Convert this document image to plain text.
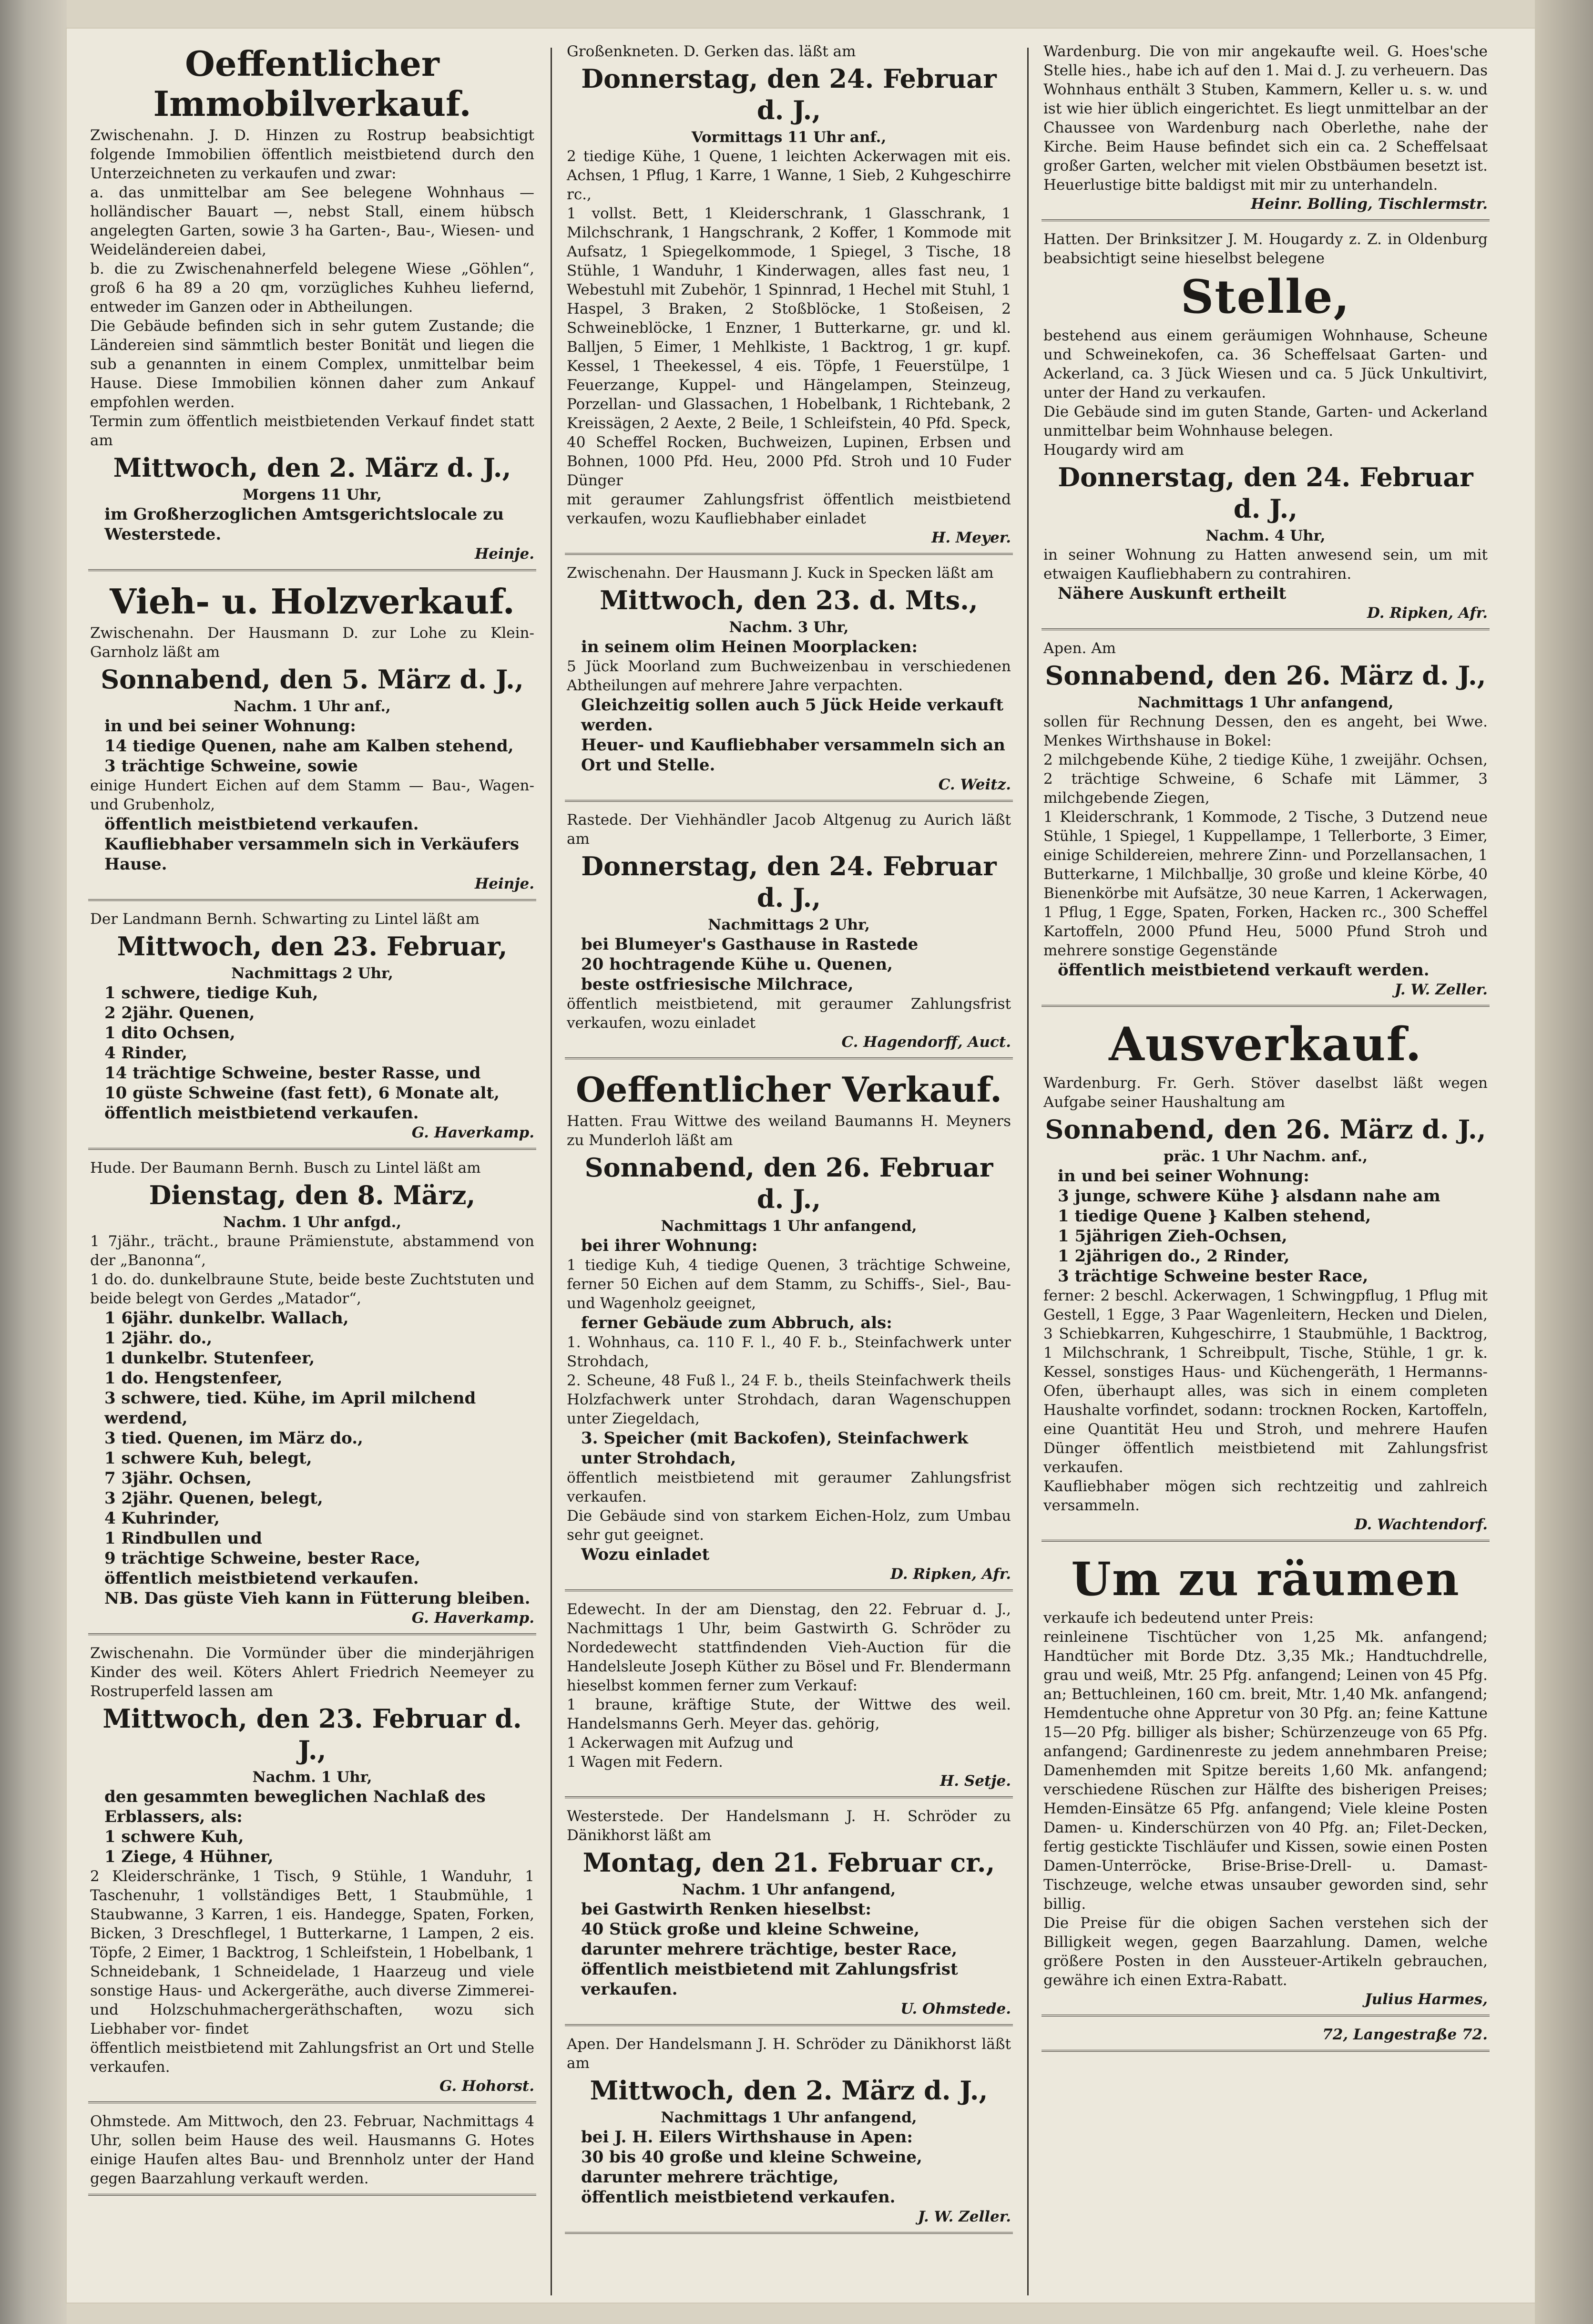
Oeffentlicher Immobilverkauf.

Zwischenahn. J. D. Hinzen zu Rostrup beabsichtigt folgende Immobilien öffentlich meistbietend durch den Unterzeichneten zu verkaufen und zwar:

a. das unmittelbar am See belegene Wohnhaus — holländischer Bauart —, nebst Stall, einem hübsch angelegten Garten, sowie 3 ha Garten-, Bau-, Wiesen- und Weideländereien dabei,

b. die zu Zwischenahnerfeld belegene Wiese „Göhlen“, groß 6 ha 89 a 20 qm, vorzügliches Kuhheu liefernd, entweder im Ganzen oder in Abtheilungen.

Die Gebäude befinden sich in sehr gutem Zustande; die Ländereien sind sämmtlich bester Bonität und liegen die sub a genannten in einem Complex, unmittelbar beim Hause. Diese Immobilien können daher zum Ankauf empfohlen werden.

Termin zum öffentlich meistbietenden Verkauf findet statt am

Mittwoch, den 2. März d. J.,
Morgens 11 Uhr,

im Großherzoglichen Amtsgerichtslocale zu Westerstede.

Heinje.

Vieh- u. Holzverkauf.

Zwischenahn. Der Hausmann D. zur Lohe zu Klein-Garnholz läßt am

Sonnabend, den 5. März d. J.,
Nachm. 1 Uhr anf.,

in und bei seiner Wohnung:

14 tiedige Quenen, nahe am Kalben stehend,

3 trächtige Schweine, sowie

einige Hundert Eichen auf dem Stamm — Bau-, Wagen- und Grubenholz,

öffentlich meistbietend verkaufen.

Kaufliebhaber versammeln sich in Verkäufers Hause.

Heinje.

Der Landmann Bernh. Schwarting zu Lintel läßt am

Mittwoch, den 23. Februar,
Nachmittags 2 Uhr,

1 schwere, tiedige Kuh,

2 2jähr. Quenen,

1 dito Ochsen,

4 Rinder,

14 trächtige Schweine, bester Rasse, und

10 güste Schweine (fast fett), 6 Monate alt,

öffentlich meistbietend verkaufen.

G. Haverkamp.

Hude. Der Baumann Bernh. Busch zu Lintel läßt am

Dienstag, den 8. März,
Nachm. 1 Uhr anfgd.,

1 7jähr., trächt., braune Prämienstute, abstammend von der „Banonna“,

1 do. do. dunkelbraune Stute, beide beste Zuchtstuten und beide belegt von Gerdes „Matador“,

1 6jähr. dunkelbr. Wallach,

1 2jähr. do.,

1 dunkelbr. Stutenfeer,

1 do. Hengstenfeer,

3 schwere, tied. Kühe, im April milchend werdend,

3 tied. Quenen, im März do.,

1 schwere Kuh, belegt,

7 3jähr. Ochsen,

3 2jähr. Quenen, belegt,

4 Kuhrinder,

1 Rindbullen und

9 trächtige Schweine, bester Race,

öffentlich meistbietend verkaufen.

NB. Das güste Vieh kann in Fütterung bleiben.

G. Haverkamp.

Zwischenahn. Die Vormünder über die minderjährigen Kinder des weil. Köters Ahlert Friedrich Neemeyer zu Rostruperfeld lassen am

Mittwoch, den 23. Februar d. J.,
Nachm. 1 Uhr,

den gesammten beweglichen Nachlaß des Erblassers, als:

1 schwere Kuh,

1 Ziege, 4 Hühner,

2 Kleiderschränke, 1 Tisch, 9 Stühle, 1 Wanduhr, 1 Taschenuhr, 1 vollständiges Bett, 1 Staubmühle, 1 Staubwanne, 3 Karren, 1 eis. Handegge, Spaten, Forken, Bicken, 3 Dreschflegel, 1 Butterkarne, 1 Lampen, 2 eis. Töpfe, 2 Eimer, 1 Backtrog, 1 Schleifstein, 1 Hobelbank, 1 Schneidebank, 1 Schneidelade, 1 Haarzeug und viele sonstige Haus- und Ackergeräthe, auch diverse Zimmerei- und Holzschuhmachergeräthschaften, wozu sich Liebhaber vor- findet

öffentlich meistbietend mit Zahlungsfrist an Ort und Stelle verkaufen.

G. Hohorst.

Ohmstede. Am Mittwoch, den 23. Februar, Nachmittags 4 Uhr, sollen beim Hause des weil. Hausmanns G. Hotes einige Haufen altes Bau- und Brennholz unter der Hand gegen Baarzahlung verkauft werden.

Großenkneten. D. Gerken das. läßt am

Donnerstag, den 24. Februar d. J.,
Vormittags 11 Uhr anf.,

2 tiedige Kühe, 1 Quene, 1 leichten Ackerwagen mit eis. Achsen, 1 Pflug, 1 Karre, 1 Wanne, 1 Sieb, 2 Kuhgeschirre rc.,

1 vollst. Bett, 1 Kleiderschrank, 1 Glasschrank, 1 Milchschrank, 1 Hangschrank, 2 Koffer, 1 Kommode mit Aufsatz, 1 Spiegelkommode, 1 Spiegel, 3 Tische, 18 Stühle, 1 Wanduhr, 1 Kinderwagen, alles fast neu, 1 Webestuhl mit Zubehör, 1 Spinnrad, 1 Hechel mit Stuhl, 1 Haspel, 3 Braken, 2 Stoßblöcke, 1 Stoßeisen, 2 Schweineblöcke, 1 Enzner, 1 Butterkarne, gr. und kl. Balljen, 5 Eimer, 1 Mehlkiste, 1 Backtrog, 1 gr. kupf. Kessel, 1 Theekessel, 4 eis. Töpfe, 1 Feuerstülpe, 1 Feuerzange, Kuppel- und Hängelampen, Steinzeug, Porzellan- und Glassachen, 1 Hobelbank, 1 Richtebank, 2 Kreissägen, 2 Aexte, 2 Beile, 1 Schleifstein, 40 Pfd. Speck, 40 Scheffel Rocken, Buchweizen, Lupinen, Erbsen und Bohnen, 1000 Pfd. Heu, 2000 Pfd. Stroh und 10 Fuder Dünger

mit geraumer Zahlungsfrist öffentlich meistbietend verkaufen, wozu Kaufliebhaber einladet

H. Meyer.

Zwischenahn. Der Hausmann J. Kuck in Specken läßt am

Mittwoch, den 23. d. Mts.,
Nachm. 3 Uhr,

in seinem olim Heinen Moorplacken:

5 Jück Moorland zum Buchweizenbau in verschiedenen Abtheilungen auf mehrere Jahre verpachten.

Gleichzeitig sollen auch 5 Jück Heide verkauft werden.

Heuer- und Kaufliebhaber versammeln sich an Ort und Stelle.

C. Weitz.

Rastede. Der Viehhändler Jacob Altgenug zu Aurich läßt am

Donnerstag, den 24. Februar d. J.,
Nachmittags 2 Uhr,

bei Blumeyer's Gasthause in Rastede

20 hochtragende Kühe u. Quenen,

beste ostfriesische Milchrace,

öffentlich meistbietend, mit geraumer Zahlungsfrist verkaufen, wozu einladet

C. Hagendorff, Auct.

Oeffentlicher Verkauf.

Hatten. Frau Wittwe des weiland Baumanns H. Meyners zu Munderloh läßt am

Sonnabend, den 26. Februar d. J.,
Nachmittags 1 Uhr anfangend,

bei ihrer Wohnung:

1 tiedige Kuh, 4 tiedige Quenen, 3 trächtige Schweine, ferner 50 Eichen auf dem Stamm, zu Schiffs-, Siel-, Bau- und Wagenholz geeignet,

ferner Gebäude zum Abbruch, als:

1. Wohnhaus, ca. 110 F. l., 40 F. b., Steinfachwerk unter Strohdach,

2. Scheune, 48 Fuß l., 24 F. b., theils Steinfachwerk theils Holzfachwerk unter Strohdach, daran Wagenschuppen unter Ziegeldach,

3. Speicher (mit Backofen), Steinfachwerk unter Strohdach,

öffentlich meistbietend mit geraumer Zahlungsfrist verkaufen.

Die Gebäude sind von starkem Eichen-Holz, zum Umbau sehr gut geeignet.

Wozu einladet

D. Ripken, Afr.

Edewecht. In der am Dienstag, den 22. Februar d. J., Nachmittags 1 Uhr, beim Gastwirth G. Schröder zu Nordedewecht stattfindenden Vieh-Auction für die Handelsleute Joseph Küther zu Bösel und Fr. Blendermann hieselbst kommen ferner zum Verkauf:

1 braune, kräftige Stute, der Wittwe des weil. Handelsmanns Gerh. Meyer das. gehörig,

1 Ackerwagen mit Aufzug und

1 Wagen mit Federn.

H. Setje.

Westerstede. Der Handelsmann J. H. Schröder zu Dänikhorst läßt am

Montag, den 21. Februar cr.,
Nachm. 1 Uhr anfangend,

bei Gastwirth Renken hieselbst:

40 Stück große und kleine Schweine,

darunter mehrere trächtige, bester Race,

öffentlich meistbietend mit Zahlungsfrist verkaufen.

U. Ohmstede.

Apen. Der Handelsmann J. H. Schröder zu Dänikhorst läßt am

Mittwoch, den 2. März d. J.,
Nachmittags 1 Uhr anfangend,

bei J. H. Eilers Wirthshause in Apen:

30 bis 40 große und kleine Schweine,

darunter mehrere trächtige,

öffentlich meistbietend verkaufen.

J. W. Zeller.

Wardenburg. Die von mir angekaufte weil. G. Hoes'sche Stelle hies., habe ich auf den 1. Mai d. J. zu verheuern. Das Wohnhaus enthält 3 Stuben, Kammern, Keller u. s. w. und ist wie hier üblich eingerichtet. Es liegt unmittelbar an der Chaussee von Wardenburg nach Oberlethe, nahe der Kirche. Beim Hause befindet sich ein ca. 2 Scheffelsaat großer Garten, welcher mit vielen Obstbäumen besetzt ist. Heuerlustige bitte baldigst mit mir zu unterhandeln.

Heinr. Bolling, Tischlermstr.

Hatten. Der Brinksitzer J. M. Hougardy z. Z. in Oldenburg beabsichtigt seine hieselbst belegene

Stelle,

bestehend aus einem geräumigen Wohnhause, Scheune und Schweinekofen, ca. 36 Scheffelsaat Garten- und Ackerland, ca. 3 Jück Wiesen und ca. 5 Jück Unkultivirt, unter der Hand zu verkaufen.

Die Gebäude sind im guten Stande, Garten- und Ackerland unmittelbar beim Wohnhause belegen.

Hougardy wird am

Donnerstag, den 24. Februar d. J.,
Nachm. 4 Uhr,

in seiner Wohnung zu Hatten anwesend sein, um mit etwaigen Kaufliebhabern zu contrahiren.

Nähere Auskunft ertheilt

D. Ripken, Afr.

Apen. Am

Sonnabend, den 26. März d. J.,
Nachmittags 1 Uhr anfangend,

sollen für Rechnung Dessen, den es angeht, bei Wwe. Menkes Wirthshause in Bokel:

2 milchgebende Kühe, 2 tiedige Kühe, 1 zweijähr. Ochsen, 2 trächtige Schweine, 6 Schafe mit Lämmer, 3 milchgebende Ziegen,

1 Kleiderschrank, 1 Kommode, 2 Tische, 3 Dutzend neue Stühle, 1 Spiegel, 1 Kuppellampe, 1 Tellerborte, 3 Eimer, einige Schildereien, mehrere Zinn- und Porzellansachen, 1 Butterkarne, 1 Milchballje, 30 große und kleine Körbe, 40 Bienenkörbe mit Aufsätze, 30 neue Karren, 1 Ackerwagen, 1 Pflug, 1 Egge, Spaten, Forken, Hacken rc., 300 Scheffel Kartoffeln, 2000 Pfund Heu, 5000 Pfund Stroh und mehrere sonstige Gegenstände

öffentlich meistbietend verkauft werden.

J. W. Zeller.

Ausverkauf.

Wardenburg. Fr. Gerh. Stöver daselbst läßt wegen Aufgabe seiner Haushaltung am

Sonnabend, den 26. März d. J.,
präc. 1 Uhr Nachm. anf.,

in und bei seiner Wohnung:

3 junge, schwere Kühe } alsdann nahe am

1 tiedige Quene } Kalben stehend,

1 5jährigen Zieh-Ochsen,

1 2jährigen do., 2 Rinder,

3 trächtige Schweine bester Race,

ferner: 2 beschl. Ackerwagen, 1 Schwingpflug, 1 Pflug mit Gestell, 1 Egge, 3 Paar Wagenleitern, Hecken und Dielen, 3 Schiebkarren, Kuhgeschirre, 1 Staubmühle, 1 Backtrog, 1 Milchschrank, 1 Schreibpult, Tische, Stühle, 1 gr. k. Kessel, sonstiges Haus- und Küchengeräth, 1 Hermanns-Ofen, überhaupt alles, was sich in einem completen Haushalte vorfindet, sodann: trocknen Rocken, Kartoffeln, eine Quantität Heu und Stroh, und mehrere Haufen Dünger öffentlich meistbietend mit Zahlungsfrist verkaufen.

Kaufliebhaber mögen sich rechtzeitig und zahlreich versammeln.

D. Wachtendorf.

Um zu räumen

verkaufe ich bedeutend unter Preis:

reinleinene Tischtücher von 1,25 Mk. anfangend; Handtücher mit Borde Dtz. 3,35 Mk.; Handtuchdrelle, grau und weiß, Mtr. 25 Pfg. anfangend; Leinen von 45 Pfg. an; Bettuchleinen, 160 cm. breit, Mtr. 1,40 Mk. anfangend; Hemdentuche ohne Appretur von 30 Pfg. an; feine Kattune 15—20 Pfg. billiger als bisher; Schürzenzeuge von 65 Pfg. anfangend; Gardinenreste zu jedem annehmbaren Preise; Damenhemden mit Spitze bereits 1,60 Mk. anfangend; verschiedene Rüschen zur Hälfte des bisherigen Preises; Hemden-Einsätze 65 Pfg. anfangend; Viele kleine Posten Damen- u. Kinderschürzen von 40 Pfg. an; Filet-Decken, fertig gestickte Tischläufer und Kissen, sowie einen Posten Damen-Unterröcke, Brise-Brise-Drell- u. Damast-Tischzeuge, welche etwas unsauber geworden sind, sehr billig.

Die Preise für die obigen Sachen verstehen sich der Billigkeit wegen, gegen Baarzahlung. Damen, welche größere Posten in den Aussteuer-Artikeln gebrauchen, gewähre ich einen Extra-Rabatt.

Julius Harmes,

72, Langestraße 72.
